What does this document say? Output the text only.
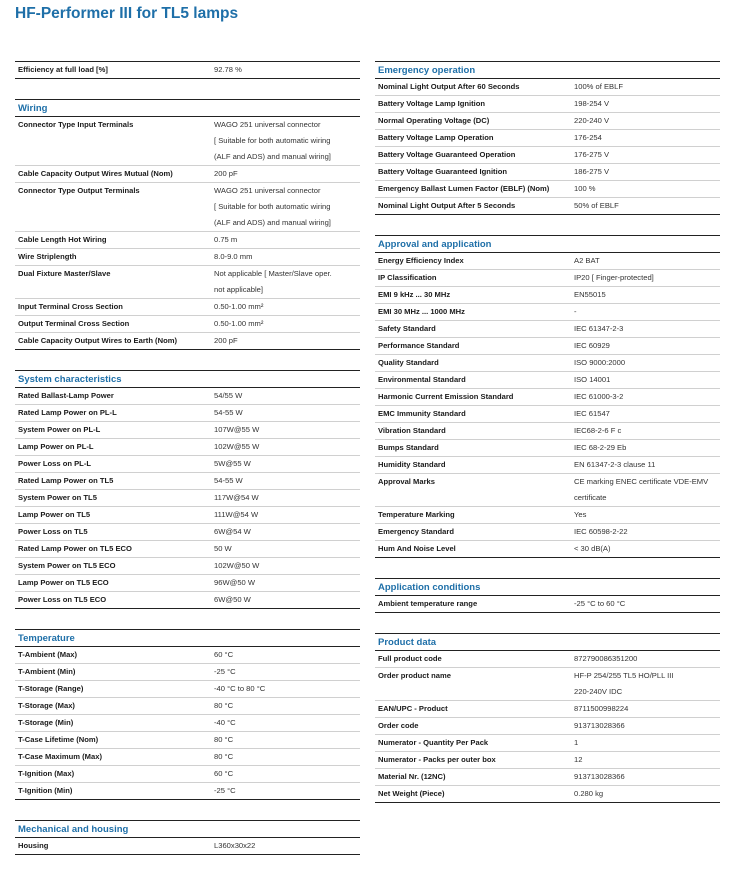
HF-Performer III for TL5 lamps
Efficiency at full load [%]	92.78 %
Wiring
Connector Type Input Terminals	WAGO 251 universal connector
[ Suitable for both automatic wiring
(ALF and ADS) and manual wiring]
Cable Capacity Output Wires Mutual (Nom)	200 pF
Connector Type Output Terminals	WAGO 251 universal connector
[ Suitable for both automatic wiring
(ALF and ADS) and manual wiring]
Cable Length Hot Wiring	0.75 m
Wire Striplength	8.0-9.0 mm
Dual Fixture Master/Slave	Not applicable [ Master/Slave oper.
not applicable]
Input Terminal Cross Section	0.50-1.00 mm²
Output Terminal Cross Section	0.50-1.00 mm²
Cable Capacity Output Wires to Earth (Nom)	200 pF
System characteristics
Rated Ballast-Lamp Power	54/55 W
Rated Lamp Power on PL-L	54-55 W
System Power on PL-L	107W@55 W
Lamp Power on PL-L	102W@55 W
Power Loss on PL-L	5W@55 W
Rated Lamp Power on TL5	54-55 W
System Power on TL5	117W@54 W
Lamp Power on TL5	111W@54 W
Power Loss on TL5	6W@54 W
Rated Lamp Power on TL5 ECO	50 W
System Power on TL5 ECO	102W@50 W
Lamp Power on TL5 ECO	96W@50 W
Power Loss on TL5 ECO	6W@50 W
Temperature
T-Ambient (Max)	60 °C
T-Ambient (Min)	-25 °C
T-Storage (Range)	-40 °C to 80 °C
T-Storage (Max)	80 °C
T-Storage (Min)	-40 °C
T-Case Lifetime (Nom)	80 °C
T-Case Maximum (Max)	80 °C
T-Ignition (Max)	60 °C
T-Ignition (Min)	-25 °C
Mechanical and housing
Housing	L360x30x22
Emergency operation
Nominal Light Output After 60 Seconds	100% of EBLF
Battery Voltage Lamp Ignition	198-254 V
Normal Operating Voltage (DC)	220-240 V
Battery Voltage Lamp Operation	176-254
Battery Voltage Guaranteed Operation	176-275 V
Battery Voltage Guaranteed Ignition	186-275 V
Emergency Ballast Lumen Factor (EBLF) (Nom)	100 %
Nominal Light Output After 5 Seconds	50% of EBLF
Approval and application
Energy Efficiency Index	A2 BAT
IP Classification	IP20 [ Finger-protected]
EMI 9 kHz ... 30 MHz	EN55015
EMI 30 MHz ... 1000 MHz	-
Safety Standard	IEC 61347-2-3
Performance Standard	IEC 60929
Quality Standard	ISO 9000:2000
Environmental Standard	ISO 14001
Harmonic Current Emission Standard	IEC 61000-3-2
EMC Immunity Standard	IEC 61547
Vibration Standard	IEC68-2-6 F c
Bumps Standard	IEC 68-2-29 Eb
Humidity Standard	EN 61347-2-3 clause 11
Approval Marks	CE marking ENEC certificate VDE-EMV
certificate
Temperature Marking	Yes
Emergency Standard	IEC 60598-2-22
Hum And Noise Level	< 30 dB(A)
Application conditions
Ambient temperature range	-25 °C to 60 °C
Product data
Full product code	872790086351200
Order product name	HF-P 254/255 TL5 HO/PLL III
220-240V IDC
EAN/UPC - Product	8711500998224
Order code	913713028366
Numerator - Quantity Per Pack	1
Numerator - Packs per outer box	12
Material Nr. (12NC)	913713028366
Net Weight (Piece)	0.280 kg
